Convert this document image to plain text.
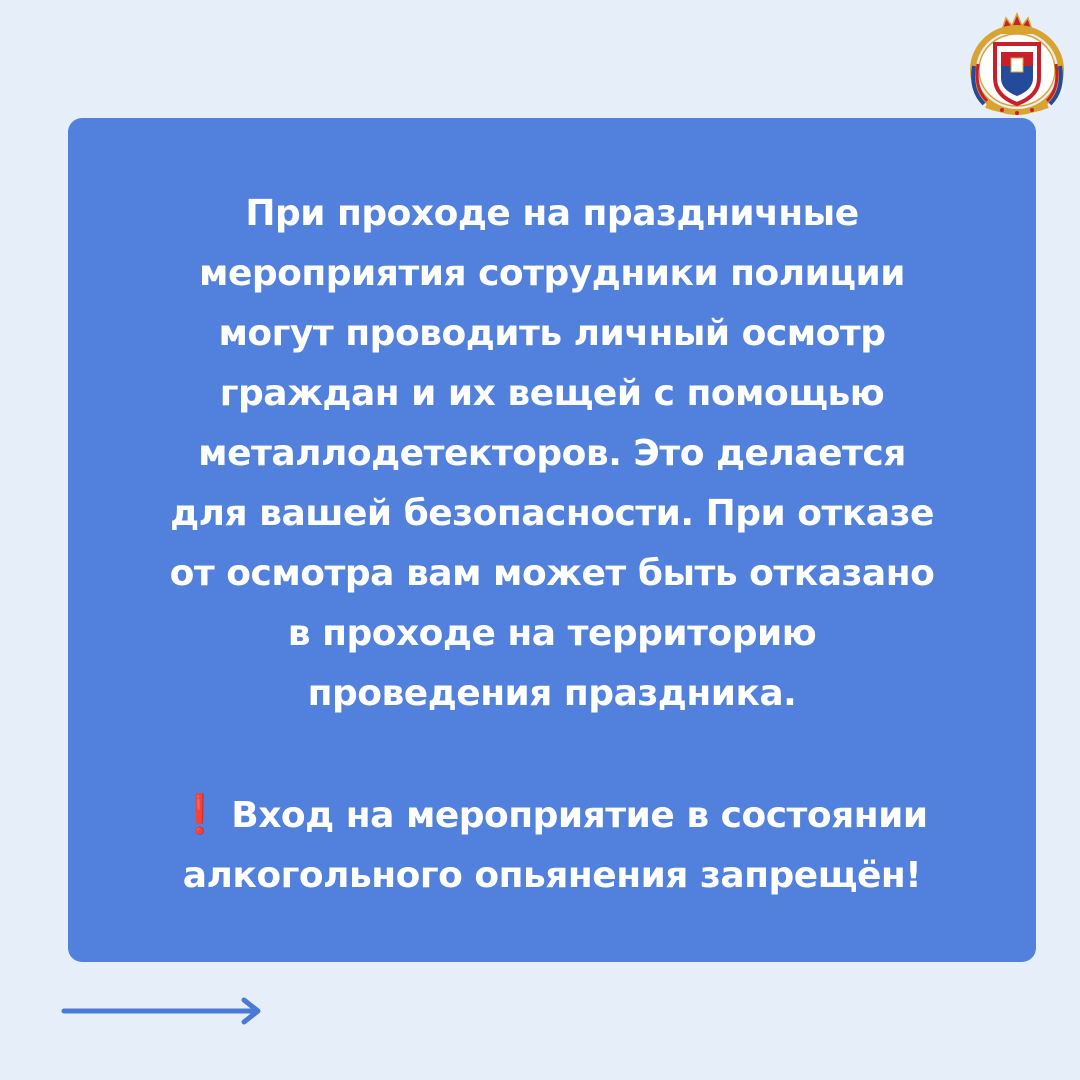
При проходе на праздничные
мероприятия сотрудники полиции
могут проводить личный осмотр
граждан и их вещей с помощью
металлодетекторов. Это делается
для вашей безопасности. При отказе
от осмотра вам может быть отказано
в проходе на территорию
проведения праздника.

❗ Вход на мероприятие в состоянии
алкогольного опьянения запрещён!
